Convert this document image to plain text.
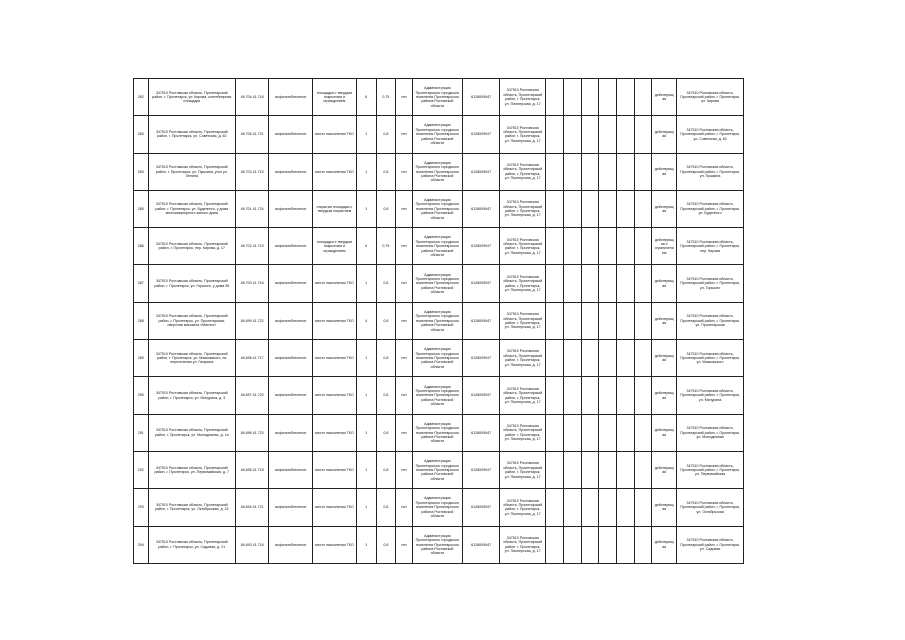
282	347510 Ростовская область, Пролетарский район, г. Пролетарск, ул. Кирова, контейнерная площадка	46.704 41.718	асфальтобетонное	площадка с твердым покрытием и ограждением	6	0,75	нет	Администрация Пролетарского городского поселения Пролетарского района Ростовской области	6128009947	347510 Ростовская область, Пролетарский район, г. Пролетарск, ул. Пионерская, д. 17							действующая	347510 Ростовская область, Пролетарский район, г. Пролетарск, ул. Кирова
283	347510 Ростовская область, Пролетарский район, г. Пролетарск, ул. Советская, д. 62	46.705 41.721	асфальтобетонное	место накопления ТКО	1	0,8	нет	Администрация Пролетарского городского поселения Пролетарского района Ростовской области	6128009947	347510 Ростовская область, Пролетарский район, г. Пролетарск, ул. Пионерская, д. 17							действующая	347510 Ростовская область, Пролетарский район, г. Пролетарск, ул. Советская, д. 62
284	347510 Ростовская область, Пролетарский район, г. Пролетарск, ул. Пушкина, угол ул. Ленина	46.703 41.715	асфальтобетонное	место накопления ТКО	1	0,8	нет	Администрация Пролетарского городского поселения Пролетарского района Ростовской области	6128009947	347510 Ростовская область, Пролетарский район, г. Пролетарск, ул. Пионерская, д. 17							действующая	347510 Ростовская область, Пролетарский район, г. Пролетарск, ул. Пушкина
285	347510 Ростовская область, Пролетарский район, г. Пролетарск, ул. Буденного, у дома многоквартирного жилого дома	46.701 41.724	асфальтобетонное	открытая площадка с твердым покрытием	1	0,8	нет	Администрация Пролетарского городского поселения Пролетарского района Ростовской области	6128009947	347510 Ростовская область, Пролетарский район, г. Пролетарск, ул. Пионерская, д. 17							действующая	347510 Ростовская область, Пролетарский район, г. Пролетарск, ул. Буденного
286	347510 Ростовская область, Пролетарский район, г. Пролетарск, пер. Кирова, д. 17	46.702 41.719	асфальтобетонное	площадка с твердым покрытием и ограждением	6	0,75	нет	Администрация Пролетарского городского поселения Пролетарского района Ростовской области	6128009947	347510 Ростовская область, Пролетарский район, г. Пролетарск, ул. Пионерская, д. 17							действующая с ограничением	347510 Ростовская область, Пролетарский район, г. Пролетарск, пер. Кирова
287	347510 Ростовская область, Пролетарский район, г. Пролетарск, ул. Горького, у дома 98	46.700 41.716	асфальтобетонное	место накопления ТКО	1	0,8	нет	Администрация Пролетарского городского поселения Пролетарского района Ростовской области	6128009947	347510 Ростовская область, Пролетарский район, г. Пролетарск, ул. Пионерская, д. 17							действующая	347510 Ростовская область, Пролетарский район, г. Пролетарск, ул. Горького
288	347510 Ростовская область, Пролетарский район, г. Пролетарск, ул. Пролетарская, напротив магазина «Магнит»	46.699 41.722	асфальтобетонное	место накопления ТКО	4	0,8	нет	Администрация Пролетарского городского поселения Пролетарского района Ростовской области	6128009947	347510 Ростовская область, Пролетарский район, г. Пролетарск, ул. Пионерская, д. 17							действующая	347510 Ростовская область, Пролетарский район, г. Пролетарск, ул. Пролетарская
289	347510 Ростовская область, Пролетарский район, г. Пролетарск, ул. Маяковского, на пересечении ул. Гагарина	46.698 41.717	асфальтобетонное	место накопления ТКО	1	0,8	нет	Администрация Пролетарского городского поселения Пролетарского района Ростовской области	6128009947	347510 Ростовская область, Пролетарский район, г. Пролетарск, ул. Пионерская, д. 17							действующая	347510 Ростовская область, Пролетарский район, г. Пролетарск, ул. Маяковского
290	347510 Ростовская область, Пролетарский район, г. Пролетарск, ул. Мичурина, д. 3	46.697 41.720	асфальтобетонное	место накопления ТКО	1	0,8	нет	Администрация Пролетарского городского поселения Пролетарского района Ростовской области	6128009947	347510 Ростовская область, Пролетарский район, г. Пролетарск, ул. Пионерская, д. 17							действующая	347510 Ростовская область, Пролетарский район, г. Пролетарск, ул. Мичурина
291	347510 Ростовская область, Пролетарский район, г. Пролетарск, ул. Молодежная, д. 1а	46.696 41.723	асфальтобетонное	место накопления ТКО	1	0,8	нет	Администрация Пролетарского городского поселения Пролетарского района Ростовской области	6128009947	347510 Ростовская область, Пролетарский район, г. Пролетарск, ул. Пионерская, д. 17							действующая	347510 Ростовская область, Пролетарский район, г. Пролетарск, ул. Молодежная
292	347510 Ростовская область, Пролетарский район, г. Пролетарск, ул. Первомайская, д. 7	46.695 41.718	асфальтобетонное	место накопления ТКО	1	0,8	нет	Администрация Пролетарского городского поселения Пролетарского района Ростовской области	6128009947	347510 Ростовская область, Пролетарский район, г. Пролетарск, ул. Пионерская, д. 17							действующая	347510 Ростовская область, Пролетарский район, г. Пролетарск, ул. Первомайская
293	347510 Ростовская область, Пролетарский район, г. Пролетарск, ул. Октябрьская, д. 15	46.694 41.721	асфальтобетонное	место накопления ТКО	1	0,8	нет	Администрация Пролетарского городского поселения Пролетарского района Ростовской области	6128009947	347510 Ростовская область, Пролетарский район, г. Пролетарск, ул. Пионерская, д. 17							действующая	347510 Ростовская область, Пролетарский район, г. Пролетарск, ул. Октябрьская
294	347510 Ростовская область, Пролетарский район, г. Пролетарск, ул. Садовая, д. 21	46.693 41.716	асфальтобетонное	место накопления ТКО	1	0,8	нет	Администрация Пролетарского городского поселения Пролетарского района Ростовской области	6128009947	347510 Ростовская область, Пролетарский район, г. Пролетарск, ул. Пионерская, д. 17							действующая	347510 Ростовская область, Пролетарский район, г. Пролетарск, ул. Садовая
